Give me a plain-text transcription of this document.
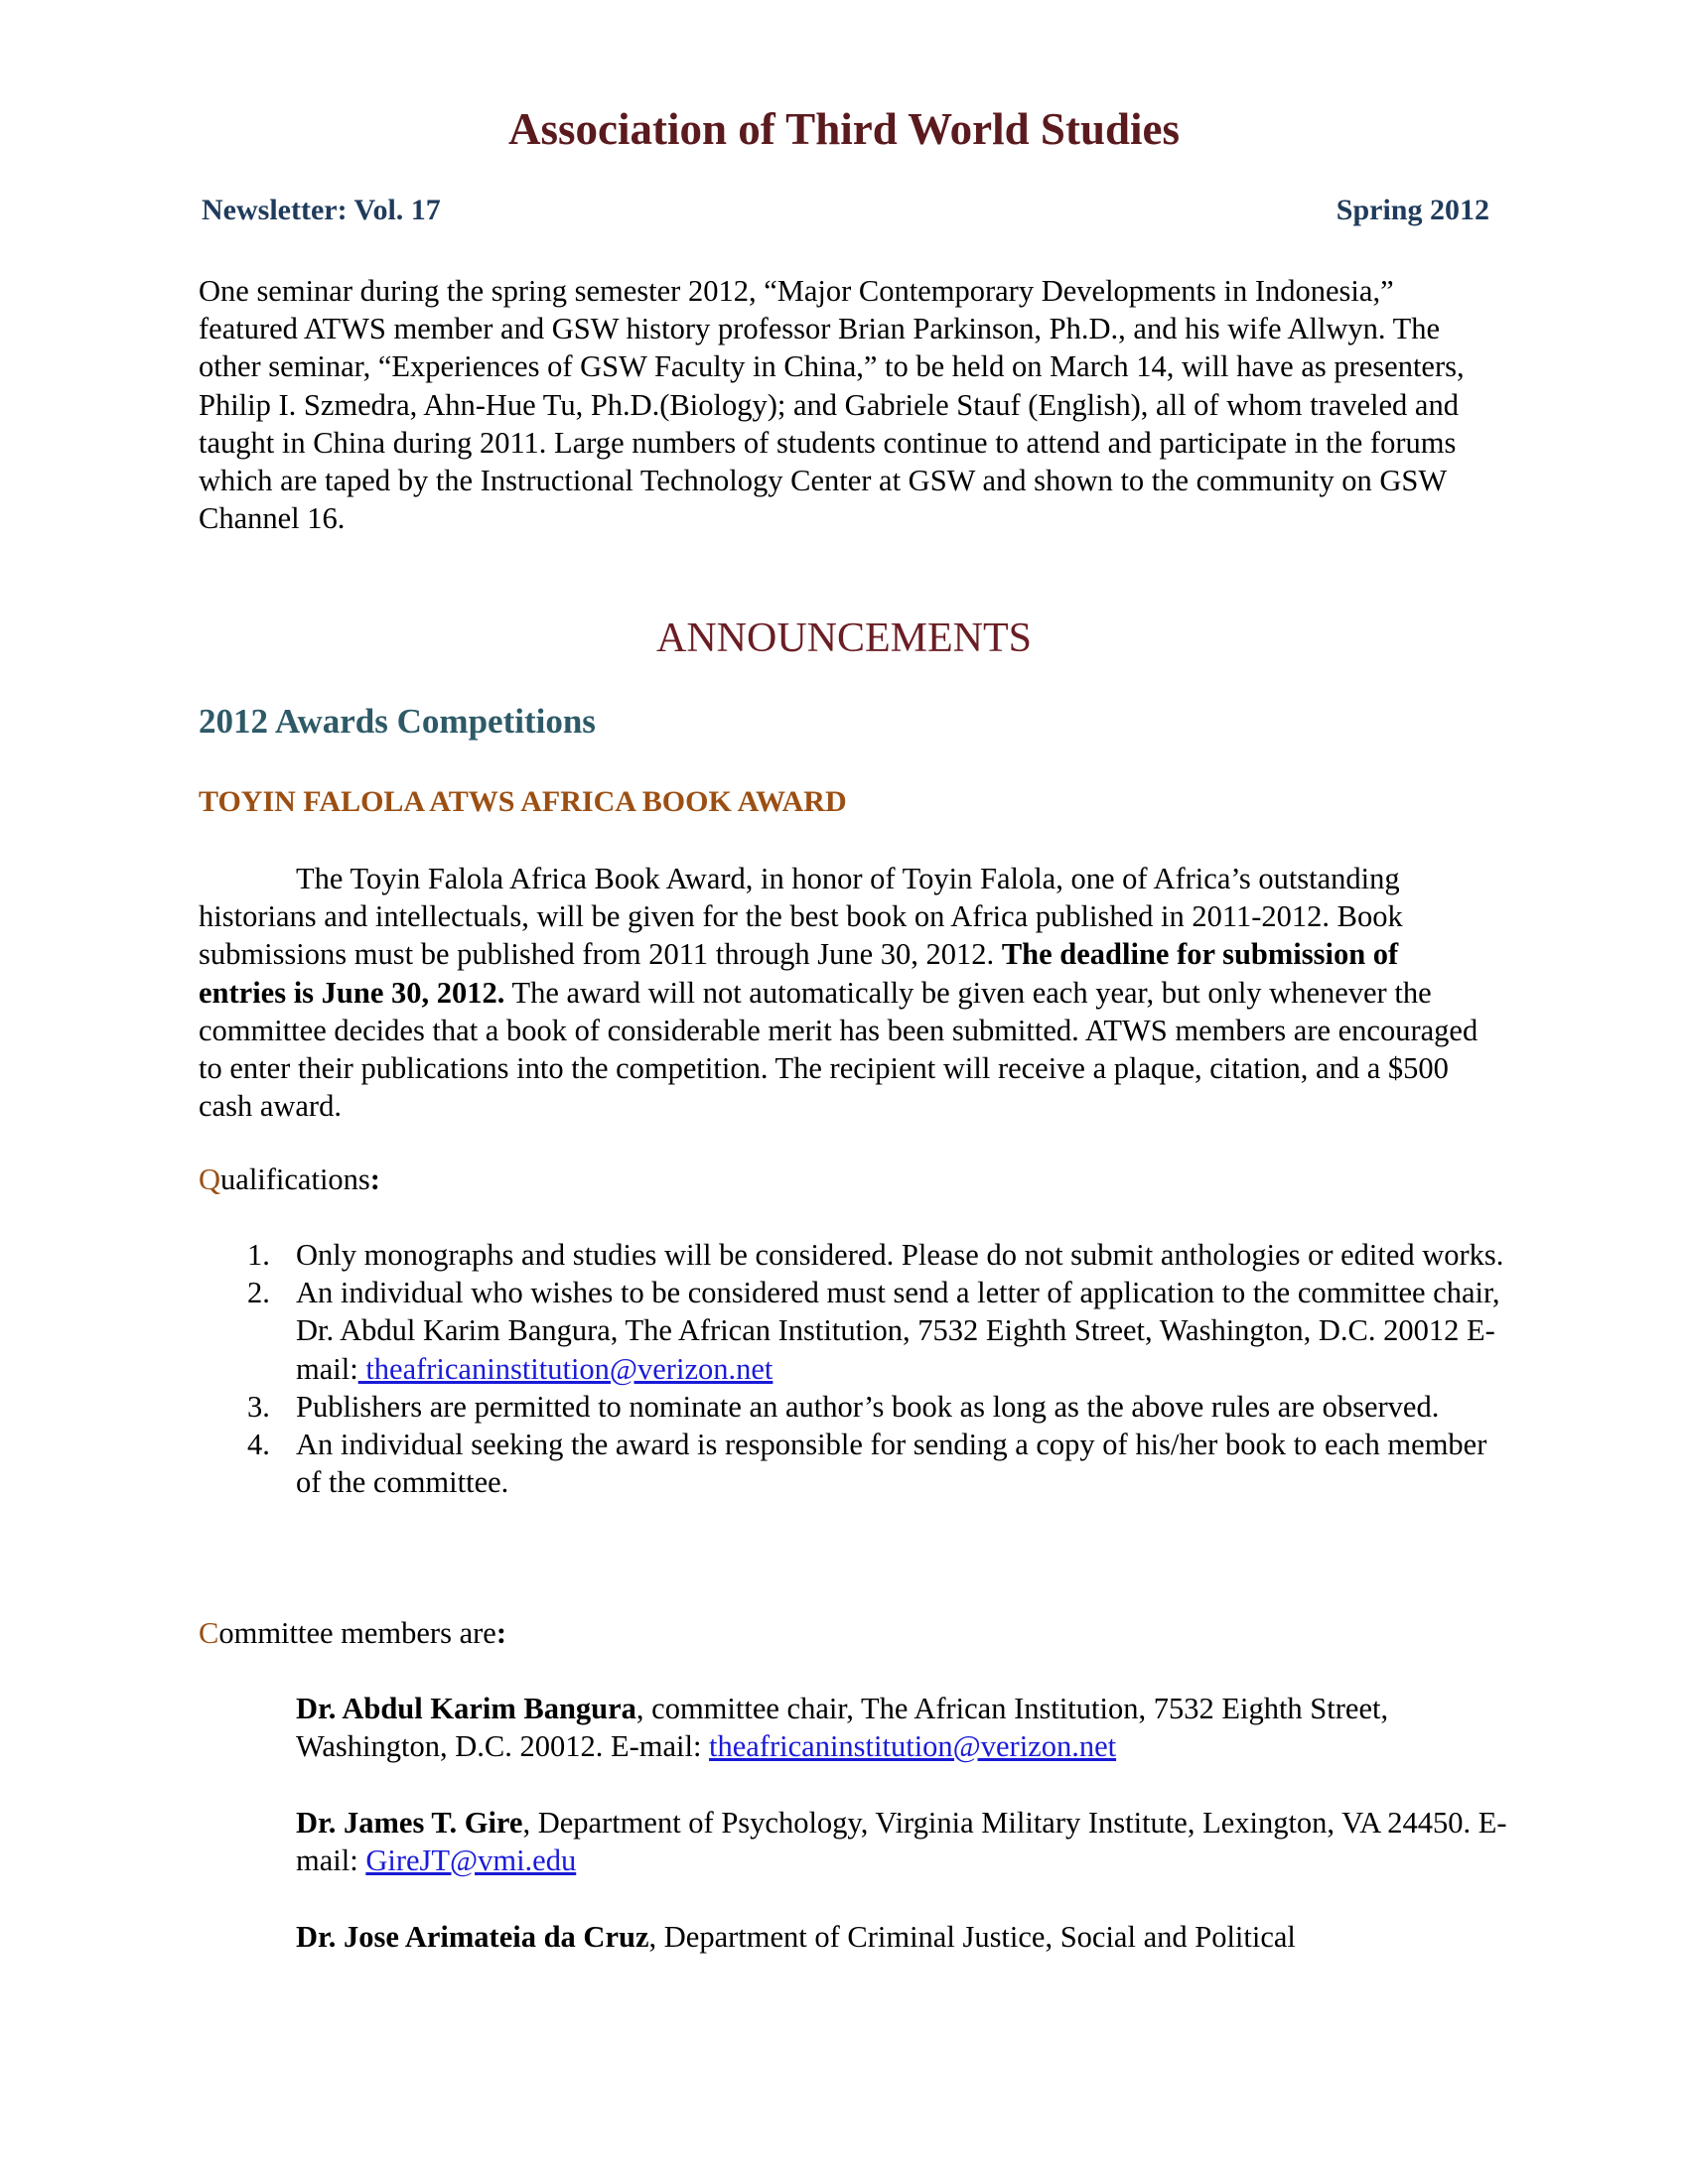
Association of Third World Studies
Newsletter: Vol. 17	Spring 2012

One seminar during the spring semester 2012, “Major Contemporary Developments in Indonesia,” featured ATWS member and GSW history professor Brian Parkinson, Ph.D., and his wife Allwyn. The other seminar, “Experiences of GSW Faculty in China,” to be held on March 14, will have as presenters, Philip I. Szmedra, Ahn-Hue Tu, Ph.D.(Biology); and Gabriele Stauf (English), all of whom traveled and taught in China during 2011. Large numbers of students continue to attend and participate in the forums which are taped by the Instructional Technology Center at GSW and shown to the community on GSW Channel 16.

ANNOUNCEMENTS
2012 Awards Competitions
TOYIN FALOLA ATWS AFRICA BOOK AWARD

The Toyin Falola Africa Book Award, in honor of Toyin Falola, one of Africa’s outstanding historians and intellectuals, will be given for the best book on Africa published in 2011-2012. Book submissions must be published from 2011 through June 30, 2012. The deadline for submission of entries is June 30, 2012. The award will not automatically be given each year, but only whenever the committee decides that a book of considerable merit has been submitted. ATWS members are encouraged to enter their publications into the competition. The recipient will receive a plaque, citation, and a $500 cash award.

Qualifications:
1. Only monographs and studies will be considered. Please do not submit anthologies or edited works.
2. An individual who wishes to be considered must send a letter of application to the committee chair, Dr. Abdul Karim Bangura, The African Institution, 7532 Eighth Street, Washington, D.C. 20012 E-mail: theafricaninstitution@verizon.net
3. Publishers are permitted to nominate an author’s book as long as the above rules are observed.
4. An individual seeking the award is responsible for sending a copy of his/her book to each member of the committee.
Committee members are:
Dr. Abdul Karim Bangura, committee chair, The African Institution, 7532 Eighth Street, Washington, D.C. 20012. E-mail: theafricaninstitution@verizon.net
Dr. James T. Gire, Department of Psychology, Virginia Military Institute, Lexington, VA 24450. E-mail: GireJT@vmi.edu
Dr. Jose Arimateia da Cruz, Department of Criminal Justice, Social and Political
